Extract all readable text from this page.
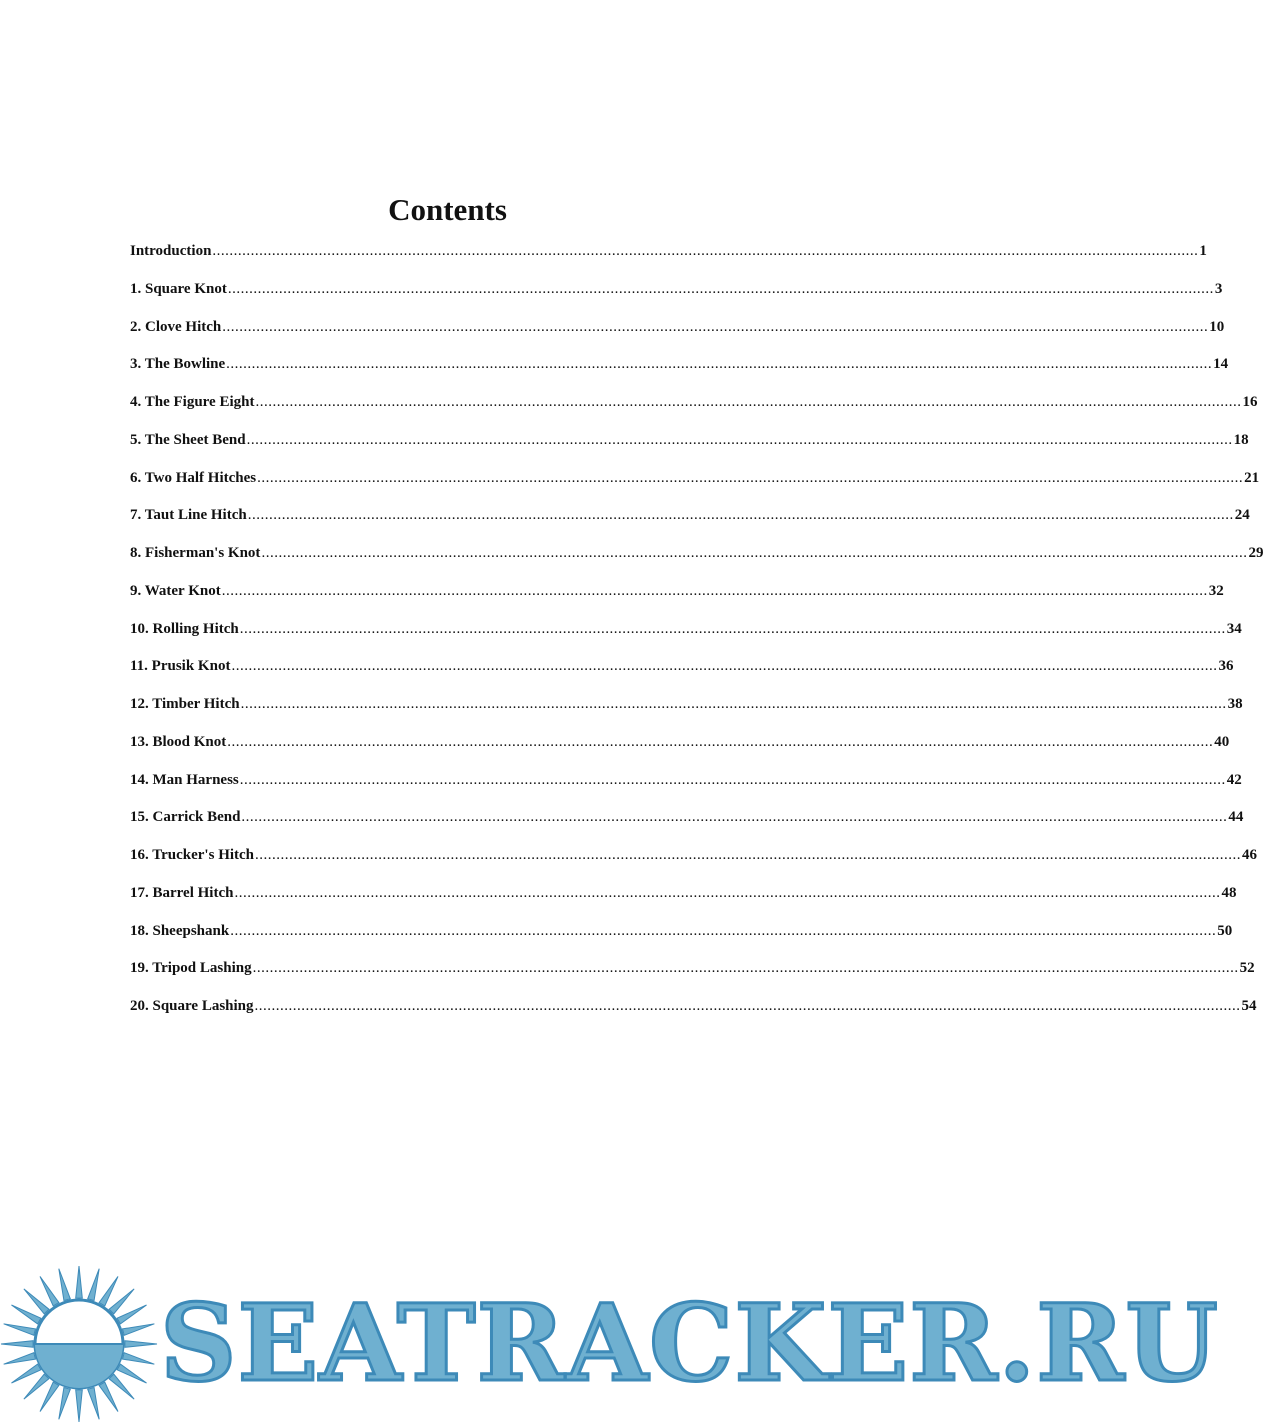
Contents
Introduction .....	1
1. Square Knot .....	3
2. Clove Hitch .....	10
3. The Bowline .....	14
4. The Figure Eight .....	16
5. The Sheet Bend .....	18
6. Two Half Hitches .....	21
7. Taut Line Hitch .....	24
8. Fisherman's Knot .....	29
9. Water Knot .....	32
10. Rolling Hitch .....	34
11. Prusik Knot .....	36
12. Timber Hitch .....	38
13. Blood Knot .....	40
14. Man Harness .....	42
15. Carrick Bend .....	44
16. Trucker's Hitch .....	46
17. Barrel Hitch .....	48
18. Sheepshank .....	50
19. Tripod Lashing .....	52
20. Square Lashing .....	54
SEATRACKER.RU
